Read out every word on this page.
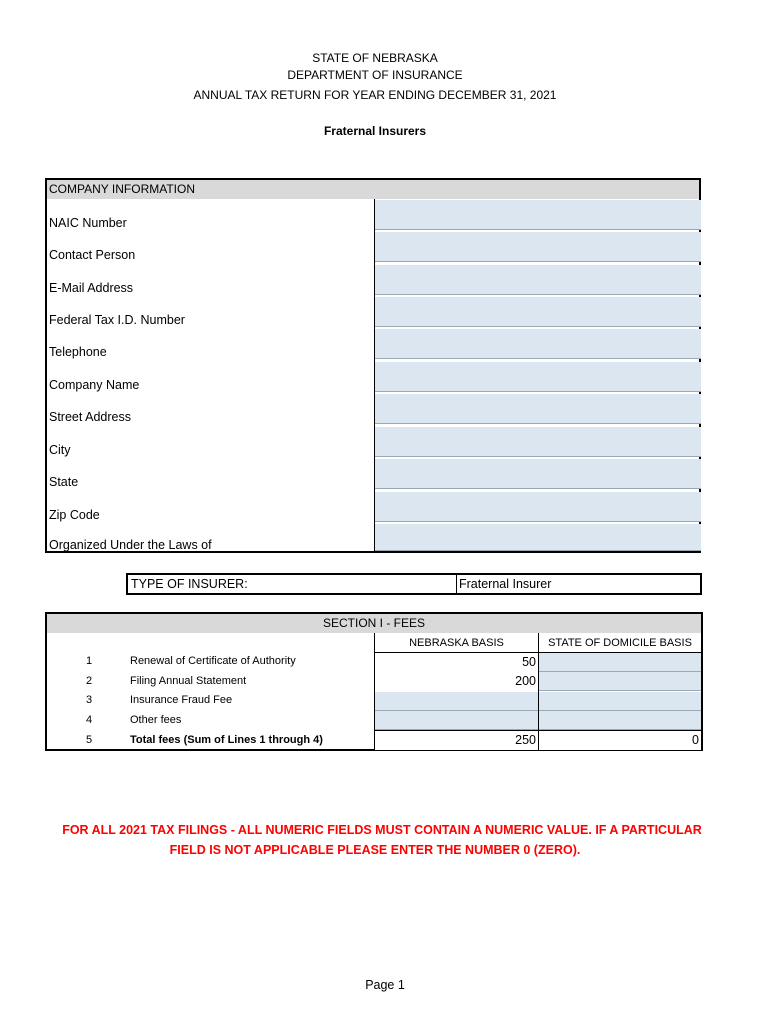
STATE OF NEBRASKA
DEPARTMENT OF INSURANCE
ANNUAL TAX RETURN FOR YEAR ENDING DECEMBER 31, 2021
Fraternal Insurers
COMPANY INFORMATION
NAIC Number
Contact Person
E-Mail Address
Federal Tax I.D. Number
Telephone
Company Name
Street Address
City
State
Zip Code
Organized Under the Laws of
TYPE OF INSURER:	Fraternal Insurer
SECTION I - FEES
NEBRASKA BASIS	STATE OF DOMICILE BASIS
1	Renewal of Certificate of Authority	50
2	Filing Annual Statement	200
3	Insurance Fraud Fee
4	Other fees
5	Total fees (Sum of Lines 1 through 4)	250	0
FOR ALL 2021 TAX FILINGS - ALL NUMERIC FIELDS MUST CONTAIN A NUMERIC VALUE. IF A PARTICULAR
FIELD IS NOT APPLICABLE PLEASE ENTER THE NUMBER 0 (ZERO).
Page 1
